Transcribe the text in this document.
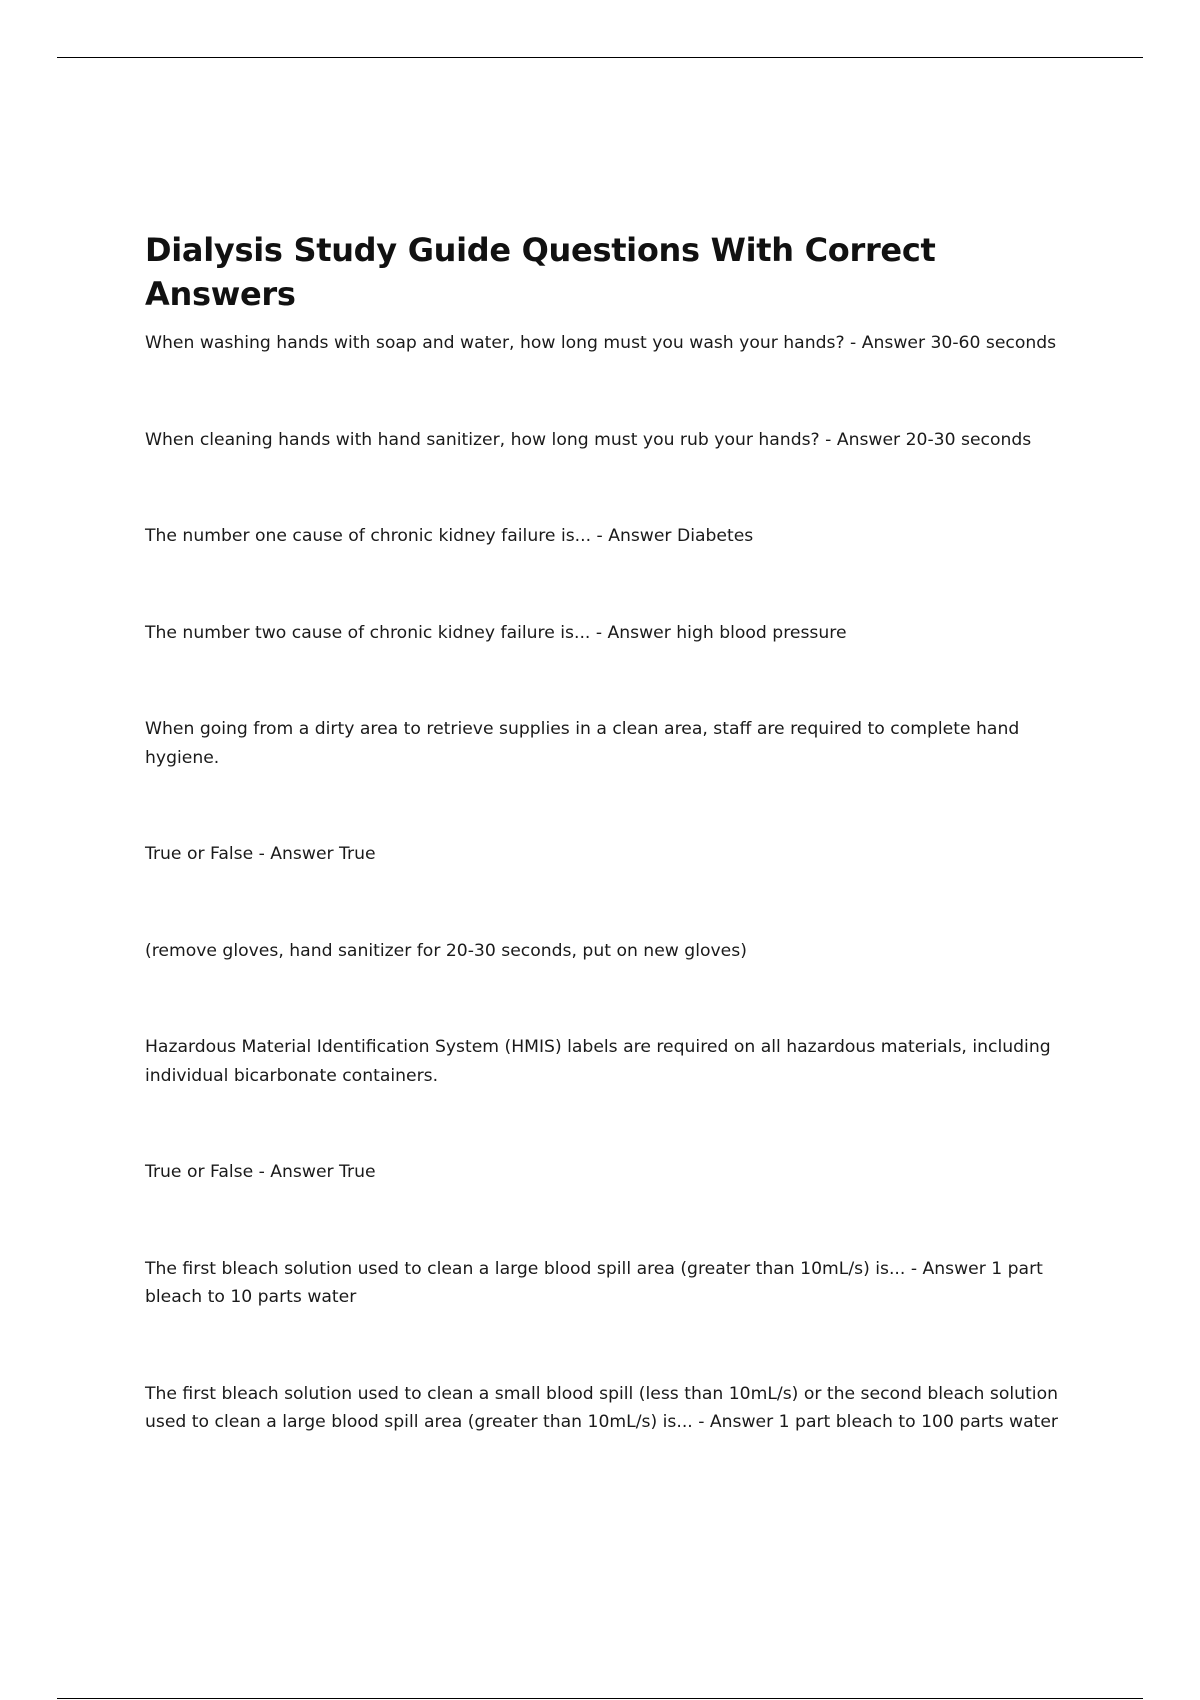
Dialysis Study Guide Questions With Correct Answers
When washing hands with soap and water, how long must you wash your hands? - Answer 30-60 seconds
When cleaning hands with hand sanitizer, how long must you rub your hands? - Answer 20-30 seconds
The number one cause of chronic kidney failure is... - Answer Diabetes
The number two cause of chronic kidney failure is... - Answer high blood pressure
When going from a dirty area to retrieve supplies in a clean area, staff are required to complete hand hygiene.
True or False - Answer True
(remove gloves, hand sanitizer for 20-30 seconds, put on new gloves)
Hazardous Material Identification System (HMIS) labels are required on all hazardous materials, including individual bicarbonate containers.
True or False - Answer True
The first bleach solution used to clean a large blood spill area (greater than 10mL/s) is... - Answer 1 part bleach to 10 parts water
The first bleach solution used to clean a small blood spill (less than 10mL/s) or the second bleach solution used to clean a large blood spill area (greater than 10mL/s) is... - Answer 1 part bleach to 100 parts water
